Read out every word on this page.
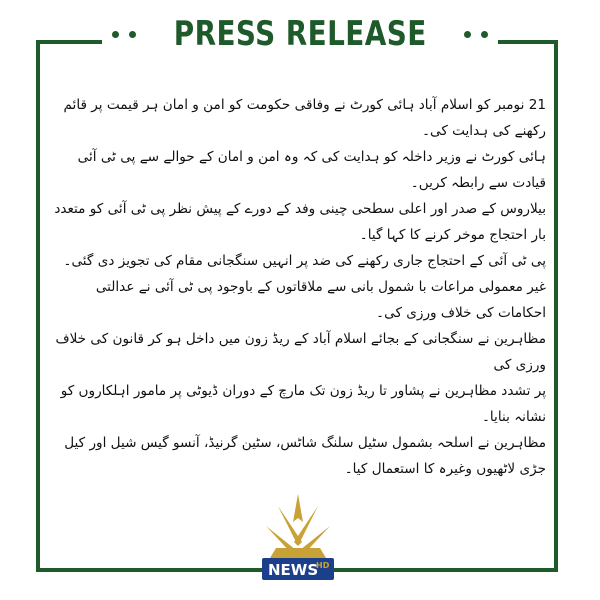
PRESS RELEASE

21 نومبر کو اسلام آباد ہائی کورٹ نے وفاقی حکومت کو امن و امان ہر قیمت پر قائم رکھنے کی ہدایت کی۔

ہائی کورٹ نے وزیر داخلہ کو ہدایت کی کہ وہ امن و امان کے حوالے سے پی ٹی آئی قیادت سے رابطہ کریں۔

بیلاروس کے صدر اور اعلی سطحی چینی وفد کے دورے کے پیش نظر پی ٹی آئی کو متعدد بار احتجاج موخر کرنے کا کہا گیا۔

پی ٹی آئی کے احتجاج جاری رکھنے کی ضد پر انہیں سنگجانی مقام کی تجویز دی گئی۔

غیر معمولی مراعات با شمول بانی سے ملاقاتوں کے باوجود پی ٹی آئی نے عدالتی احکامات کی خلاف ورزی کی۔

مظاہرین نے سنگجانی کے بجائے اسلام آباد کے ریڈ زون میں داخل ہو کر قانون کی خلاف ورزی کی

پر تشدد مظاہرین نے پشاور تا ریڈ زون تک مارچ کے دوران ڈیوٹی پر مامور اہلکاروں کو نشانہ بنایا۔

مظاہرین نے اسلحہ بشمول سٹیل سلنگ شاٹس، سٹین گرنیڈ، آنسو گیس شیل اور کیل جڑی لاٹھیوں وغیرہ کا استعمال کیا۔

NEWS
HD
